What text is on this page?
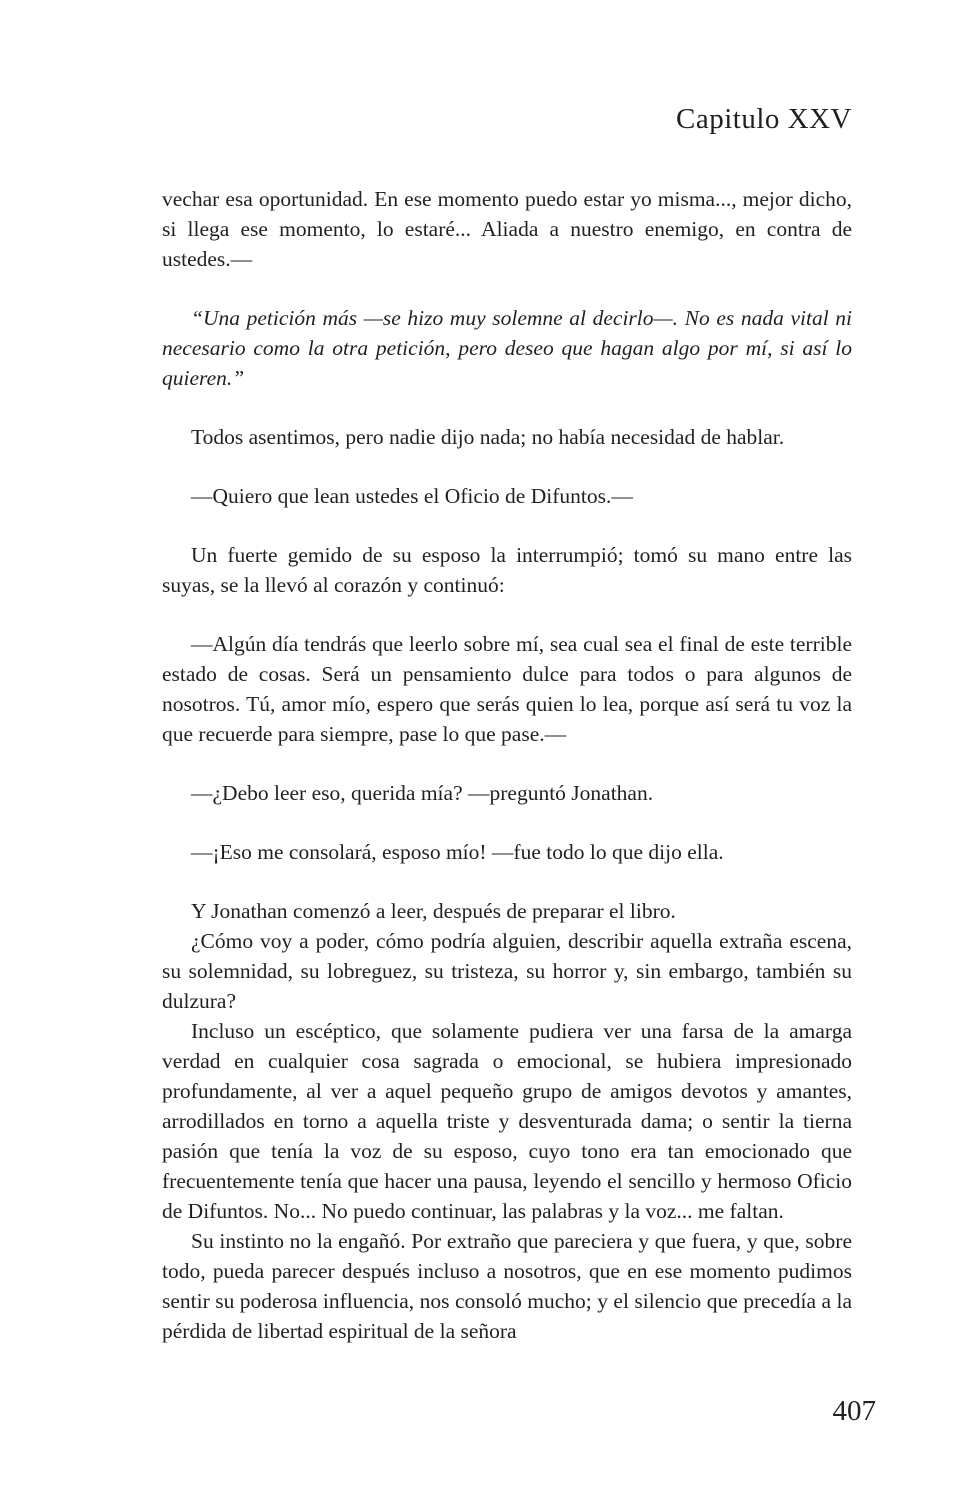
Capitulo XXV

vechar esa oportunidad. En ese momento puedo estar yo misma..., mejor dicho, si llega ese momento, lo estaré... Aliada a nuestro enemigo, en contra de ustedes.—

“Una petición más —se hizo muy solemne al decirlo—. No es nada vital ni necesario como la otra petición, pero deseo que hagan algo por mí, si así lo quieren.”

Todos asentimos, pero nadie dijo nada; no había necesidad de hablar.

—Quiero que lean ustedes el Oficio de Difuntos.—

Un fuerte gemido de su esposo la interrumpió; tomó su mano entre las suyas, se la llevó al corazón y continuó:

—Algún día tendrás que leerlo sobre mí, sea cual sea el final de este terrible estado de cosas. Será un pensamiento dulce para todos o para algunos de nosotros. Tú, amor mío, espero que serás quien lo lea, porque así será tu voz la que recuerde para siempre, pase lo que pase.—

—¿Debo leer eso, querida mía? —preguntó Jonathan.

—¡Eso me consolará, esposo mío! —fue todo lo que dijo ella.

Y Jonathan comenzó a leer, después de preparar el libro.

¿Cómo voy a poder, cómo podría alguien, describir aquella extraña escena, su solemnidad, su lobreguez, su tristeza, su horror y, sin embargo, también su dulzura?

Incluso un escéptico, que solamente pudiera ver una farsa de la amarga verdad en cualquier cosa sagrada o emocional, se hubiera impresionado profundamente, al ver a aquel pequeño grupo de amigos devotos y amantes, arrodillados en torno a aquella triste y desventurada dama; o sentir la tierna pasión que tenía la voz de su esposo, cuyo tono era tan emocionado que frecuentemente tenía que hacer una pausa, leyendo el sencillo y hermoso Oficio de Difuntos. No... No puedo continuar, las palabras y la voz... me faltan.

Su instinto no la engañó. Por extraño que pareciera y que fuera, y que, sobre todo, pueda parecer después incluso a nosotros, que en ese momento pudimos sentir su poderosa influencia, nos consoló mucho; y el silencio que precedía a la pérdida de libertad espiritual de la señora

407
